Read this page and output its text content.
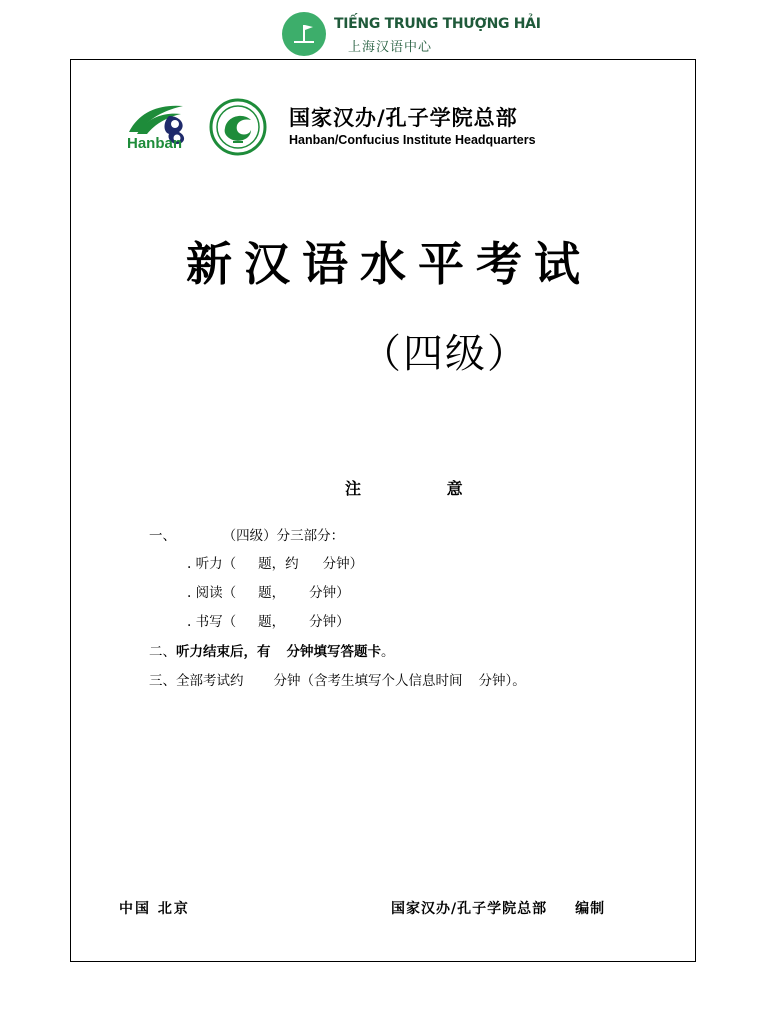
TIẾNG TRUNG THƯỢNG HẢI
上海汉语中心
Hanban
国家汉办/孔子学院总部
Hanban/Confucius Institute Headquarters
新汉语水平考试
（四级）
注 意
一、	（四级）分三部分：
. 听力（ 题，约 分钟）
. 阅读（ 题， 分钟）
. 书写（ 题， 分钟）
二、听力结束后，有 分钟填写答题卡。
三、全部考试约 分钟（含考生填写个人信息时间 分钟）。
中国 北京	国家汉办/孔子学院总部 编制
